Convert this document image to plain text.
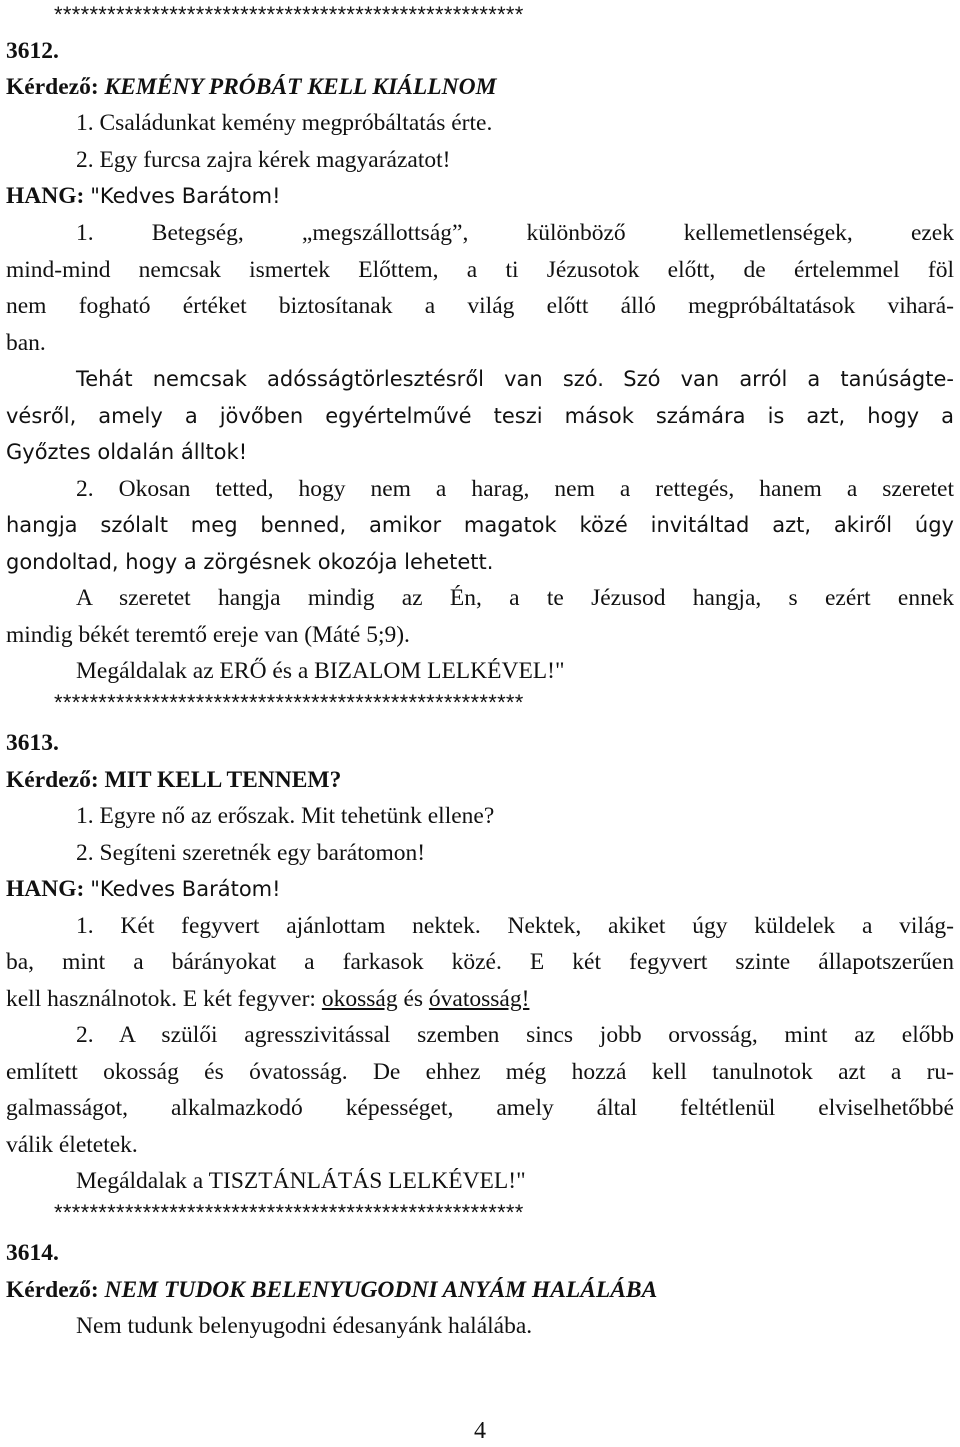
*****************************************************
3612.
Kérdező: KEMÉNY PRÓBÁT KELL KIÁLLNOM
1. Családunkat kemény megpróbáltatás érte.
2. Egy furcsa zajra kérek magyarázatot!
HANG: "Kedves Barátom!
1. Betegség, „megszállottság”, különböző kellemetlenségek, ezek
mind-mind nemcsak ismertek Előttem, a ti Jézusotok előtt, de értelemmel föl
nem fogható értéket biztosítanak a világ előtt álló megpróbáltatások vihará-
ban.
Tehát nemcsak adósságtörlesztésről van szó. Szó van arról a tanúságte-
vésről, amely a jövőben egyértelművé teszi mások számára is azt, hogy a
Győztes oldalán álltok!
2. Okosan tetted, hogy nem a harag, nem a rettegés, hanem a szeretet
hangja szólalt meg benned, amikor magatok közé invitáltad azt, akiről úgy
gondoltad, hogy a zörgésnek okozója lehetett.
A szeretet hangja mindig az Én, a te Jézusod hangja, s ezért ennek
mindig békét teremtő ereje van (Máté 5;9).
Megáldalak az ERŐ és a BIZALOM LELKÉVEL!"
*****************************************************
3613.
Kérdező: MIT KELL TENNEM?
1. Egyre nő az erőszak. Mit tehetünk ellene?
2. Segíteni szeretnék egy barátomon!
HANG: "Kedves Barátom!
1. Két fegyvert ajánlottam nektek. Nektek, akiket úgy küldelek a világ-
ba, mint a bárányokat a farkasok közé. E két fegyvert szinte állapotszerűen
kell használnotok. E két fegyver: okosság és óvatosság!
2. A szülői agresszivitással szemben sincs jobb orvosság, mint az előbb
említett okosság és óvatosság. De ehhez még hozzá kell tanulnotok azt a ru-
galmasságot, alkalmazkodó képességet, amely által feltétlenül elviselhetőbbé
válik életetek.
Megáldalak a TISZTÁNLÁTÁS LELKÉVEL!"
*****************************************************
3614.
Kérdező: NEM TUDOK BELENYUGODNI ANYÁM HALÁLÁBA
Nem tudunk belenyugodni édesanyánk halálába.
4
